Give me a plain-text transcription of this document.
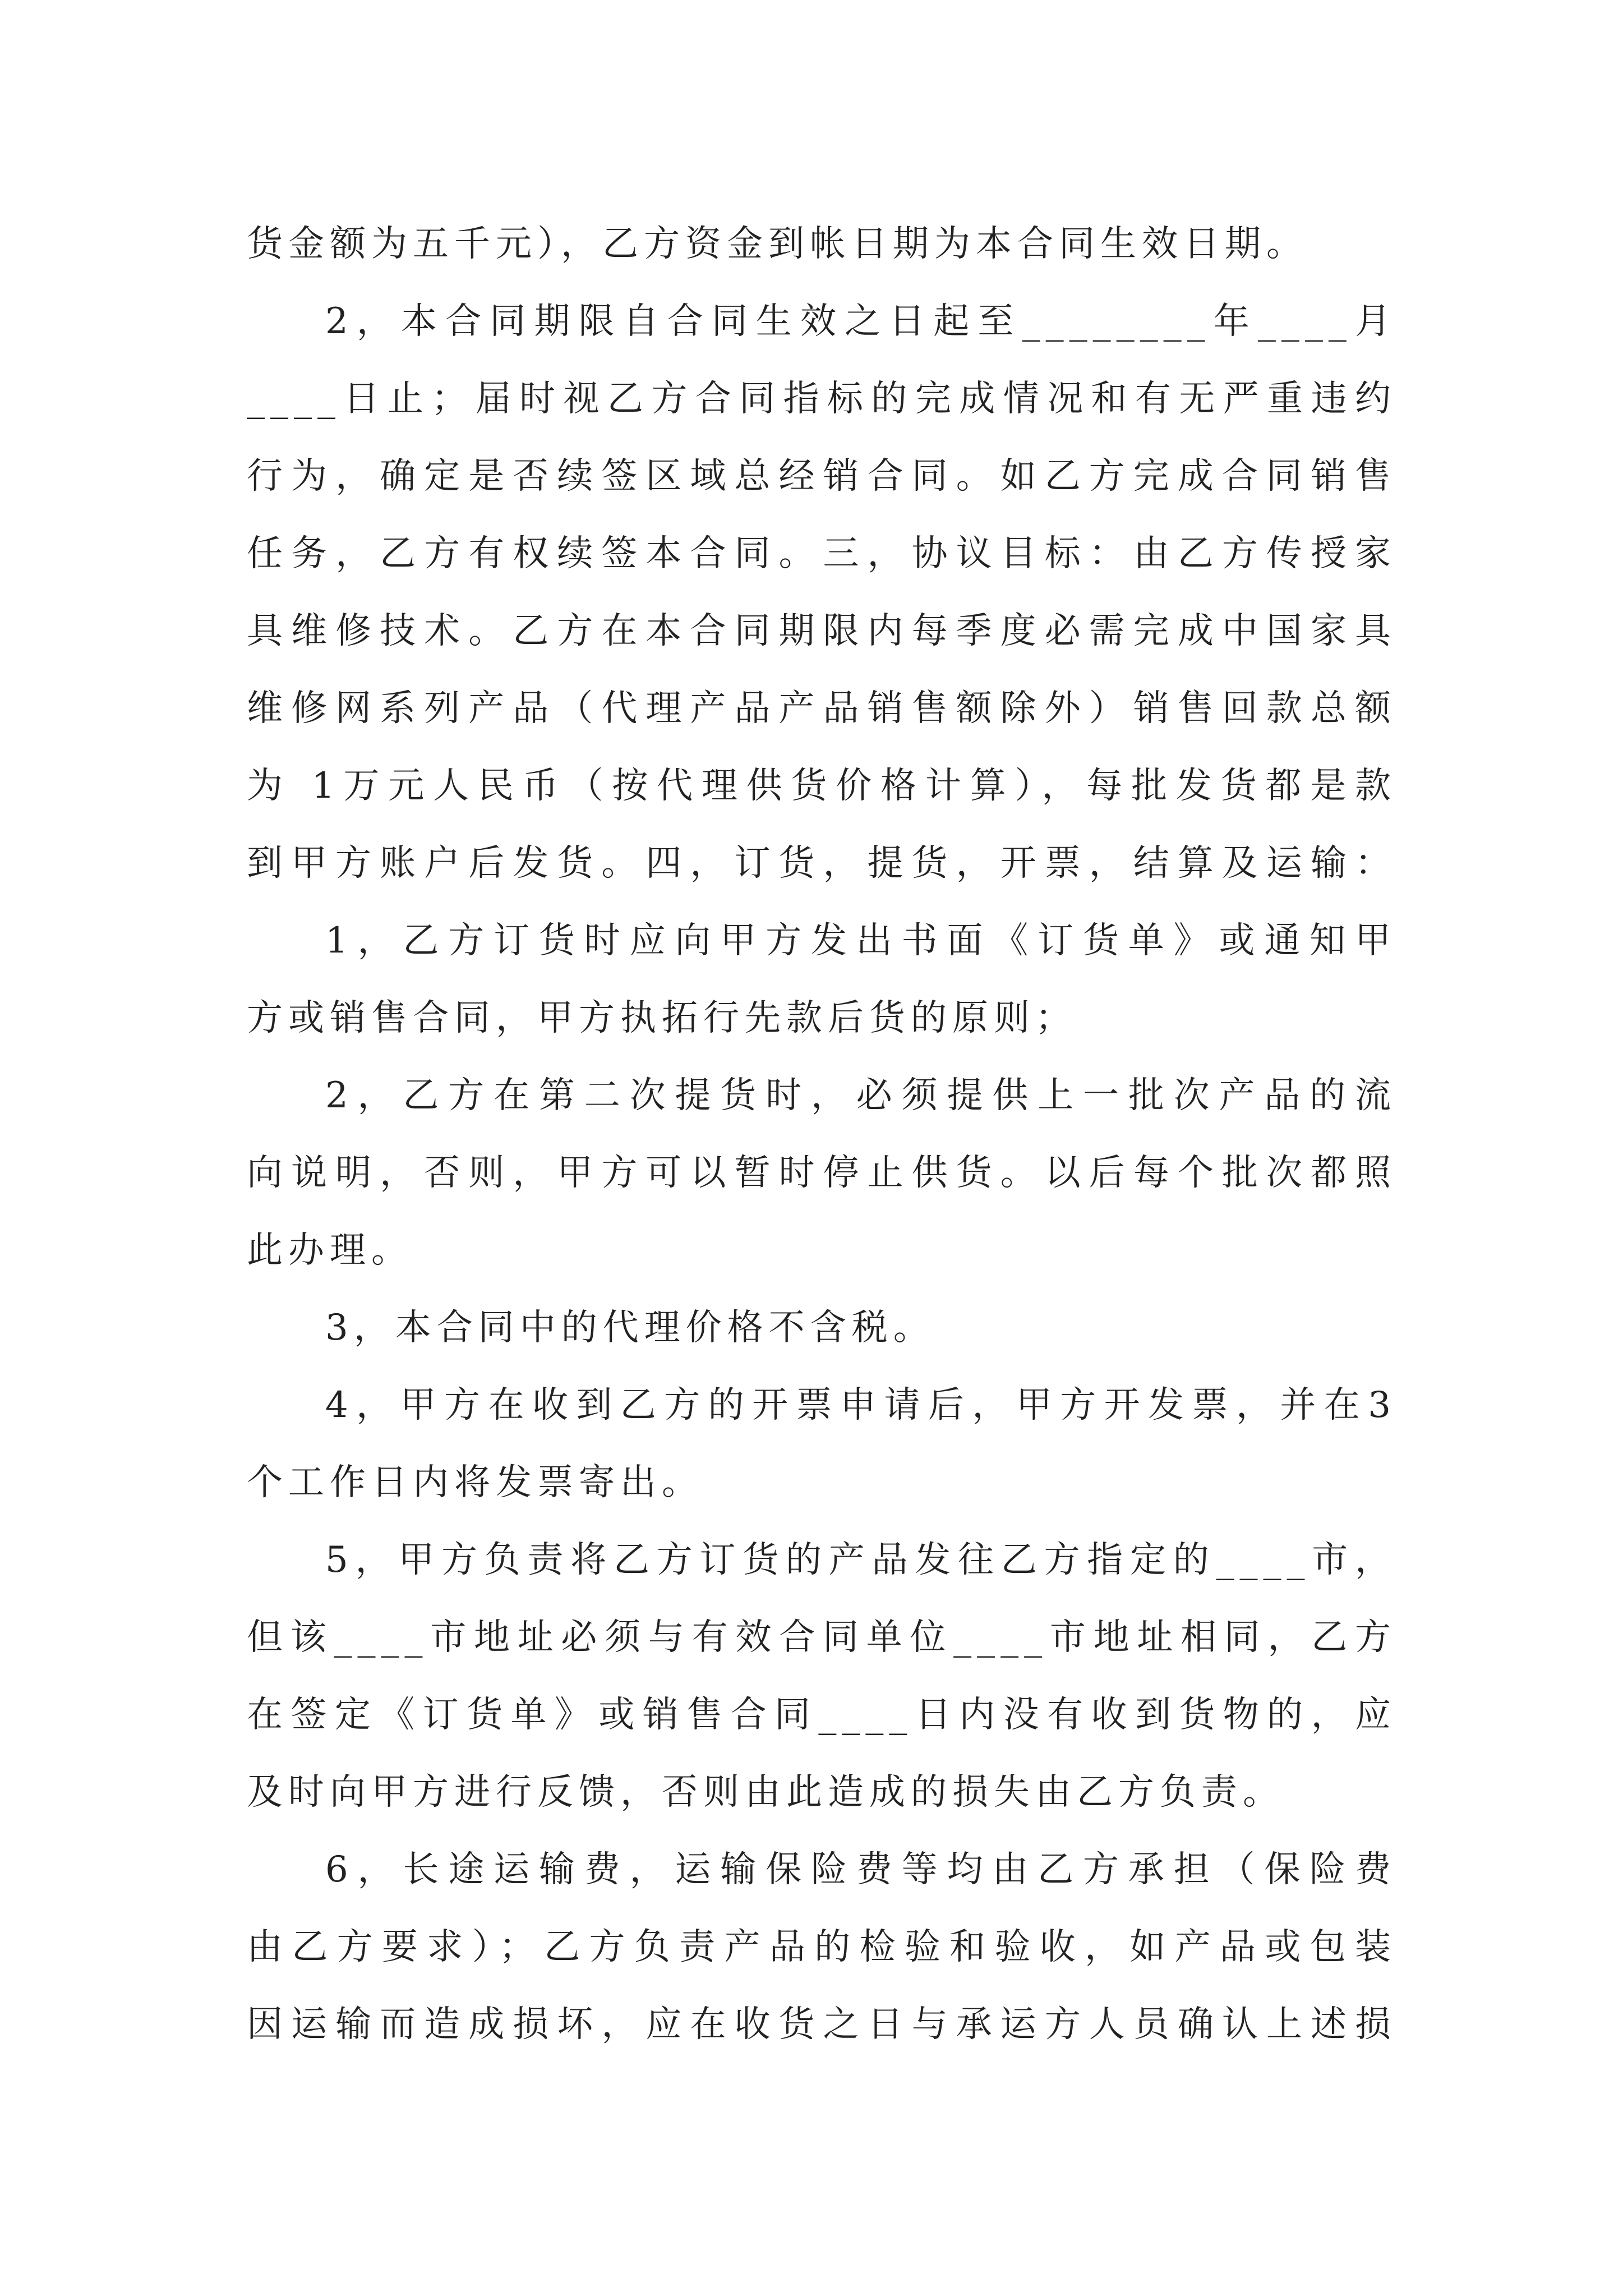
货金额为五千元），乙方资金到帐日期为本合同生效日期。
2，本合同期限自合同生效之日起至________年____月
____日止；届时视乙方合同指标的完成情况和有无严重违约
行为，确定是否续签区域总经销合同。如乙方完成合同销售
任务，乙方有权续签本合同。三，协议目标：由乙方传授家
具维修技术。乙方在本合同期限内每季度必需完成中国家具
维修网系列产品（代理产品产品销售额除外）销售回款总额
为 1万元人民币（按代理供货价格计算），每批发货都是款
到甲方账户后发货。四，订货，提货，开票，结算及运输：
1，乙方订货时应向甲方发出书面《订货单》或通知甲
方或销售合同，甲方执拓行先款后货的原则；
2，乙方在第二次提货时，必须提供上一批次产品的流
向说明，否则，甲方可以暂时停止供货。以后每个批次都照
此办理。
3，本合同中的代理价格不含税。
4，甲方在收到乙方的开票申请后，甲方开发票，并在3
个工作日内将发票寄出。
5，甲方负责将乙方订货的产品发往乙方指定的____市，
但该____市地址必须与有效合同单位____市地址相同，乙方
在签定《订货单》或销售合同____日内没有收到货物的，应
及时向甲方进行反馈，否则由此造成的损失由乙方负责。
6，长途运输费，运输保险费等均由乙方承担（保险费
由乙方要求）；乙方负责产品的检验和验收，如产品或包装
因运输而造成损坏，应在收货之日与承运方人员确认上述损
